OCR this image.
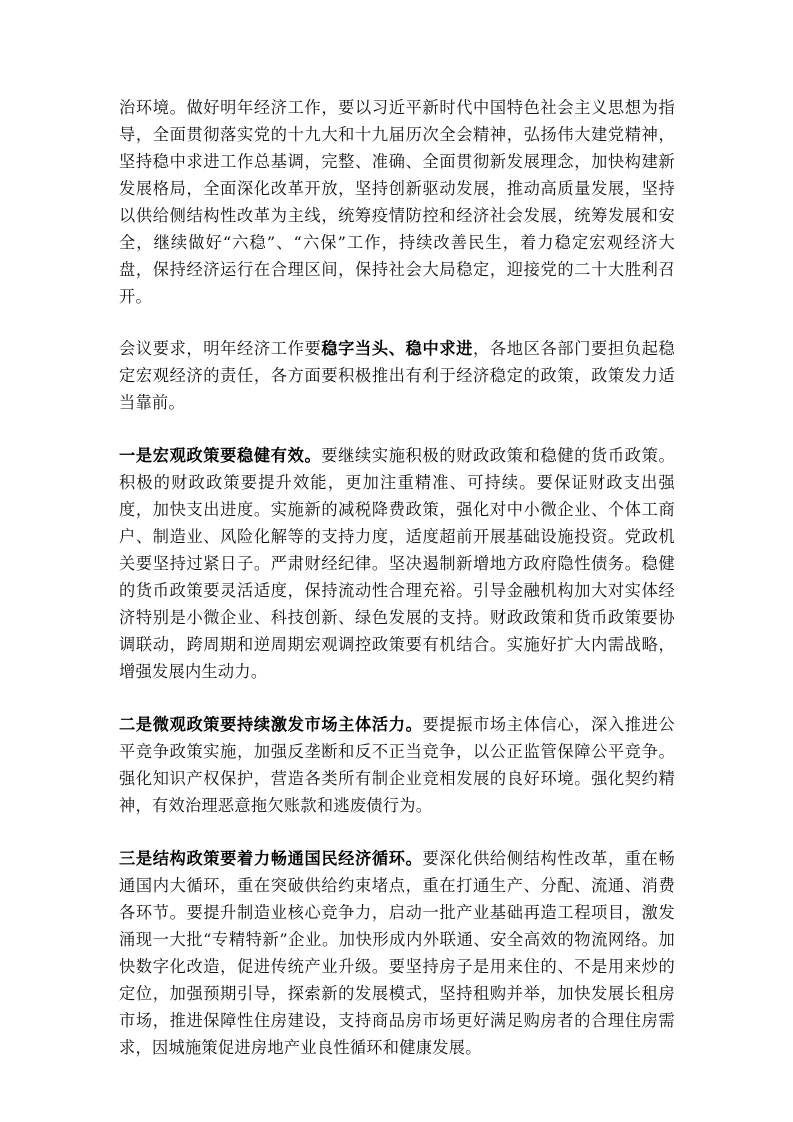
治环境。做好明年经济工作，要以习近平新时代中国特色社会主义思想为指导，全面贯彻落实党的十九大和十九届历次全会精神，弘扬伟大建党精神，坚持稳中求进工作总基调，完整、准确、全面贯彻新发展理念，加快构建新发展格局，全面深化改革开放，坚持创新驱动发展，推动高质量发展，坚持以供给侧结构性改革为主线，统筹疫情防控和经济社会发展，统筹发展和安全，继续做好“六稳”、“六保”工作，持续改善民生，着力稳定宏观经济大盘，保持经济运行在合理区间，保持社会大局稳定，迎接党的二十大胜利召开。

会议要求，明年经济工作要稳字当头、稳中求进，各地区各部门要担负起稳定宏观经济的责任，各方面要积极推出有利于经济稳定的政策，政策发力适当靠前。

一是宏观政策要稳健有效。要继续实施积极的财政政策和稳健的货币政策。积极的财政政策要提升效能，更加注重精准、可持续。要保证财政支出强度，加快支出进度。实施新的减税降费政策，强化对中小微企业、个体工商户、制造业、风险化解等的支持力度，适度超前开展基础设施投资。党政机关要坚持过紧日子。严肃财经纪律。坚决遏制新增地方政府隐性债务。稳健的货币政策要灵活适度，保持流动性合理充裕。引导金融机构加大对实体经济特别是小微企业、科技创新、绿色发展的支持。财政政策和货币政策要协调联动，跨周期和逆周期宏观调控政策要有机结合。实施好扩大内需战略，增强发展内生动力。

二是微观政策要持续激发市场主体活力。要提振市场主体信心，深入推进公平竞争政策实施，加强反垄断和反不正当竞争，以公正监管保障公平竞争。强化知识产权保护，营造各类所有制企业竞相发展的良好环境。强化契约精神，有效治理恶意拖欠账款和逃废债行为。

三是结构政策要着力畅通国民经济循环。要深化供给侧结构性改革，重在畅通国内大循环，重在突破供给约束堵点，重在打通生产、分配、流通、消费各环节。要提升制造业核心竞争力，启动一批产业基础再造工程项目，激发涌现一大批“专精特新”企业。加快形成内外联通、安全高效的物流网络。加快数字化改造，促进传统产业升级。要坚持房子是用来住的、不是用来炒的定位，加强预期引导，探索新的发展模式，坚持租购并举，加快发展长租房市场，推进保障性住房建设，支持商品房市场更好满足购房者的合理住房需求，因城施策促进房地产业良性循环和健康发展。
